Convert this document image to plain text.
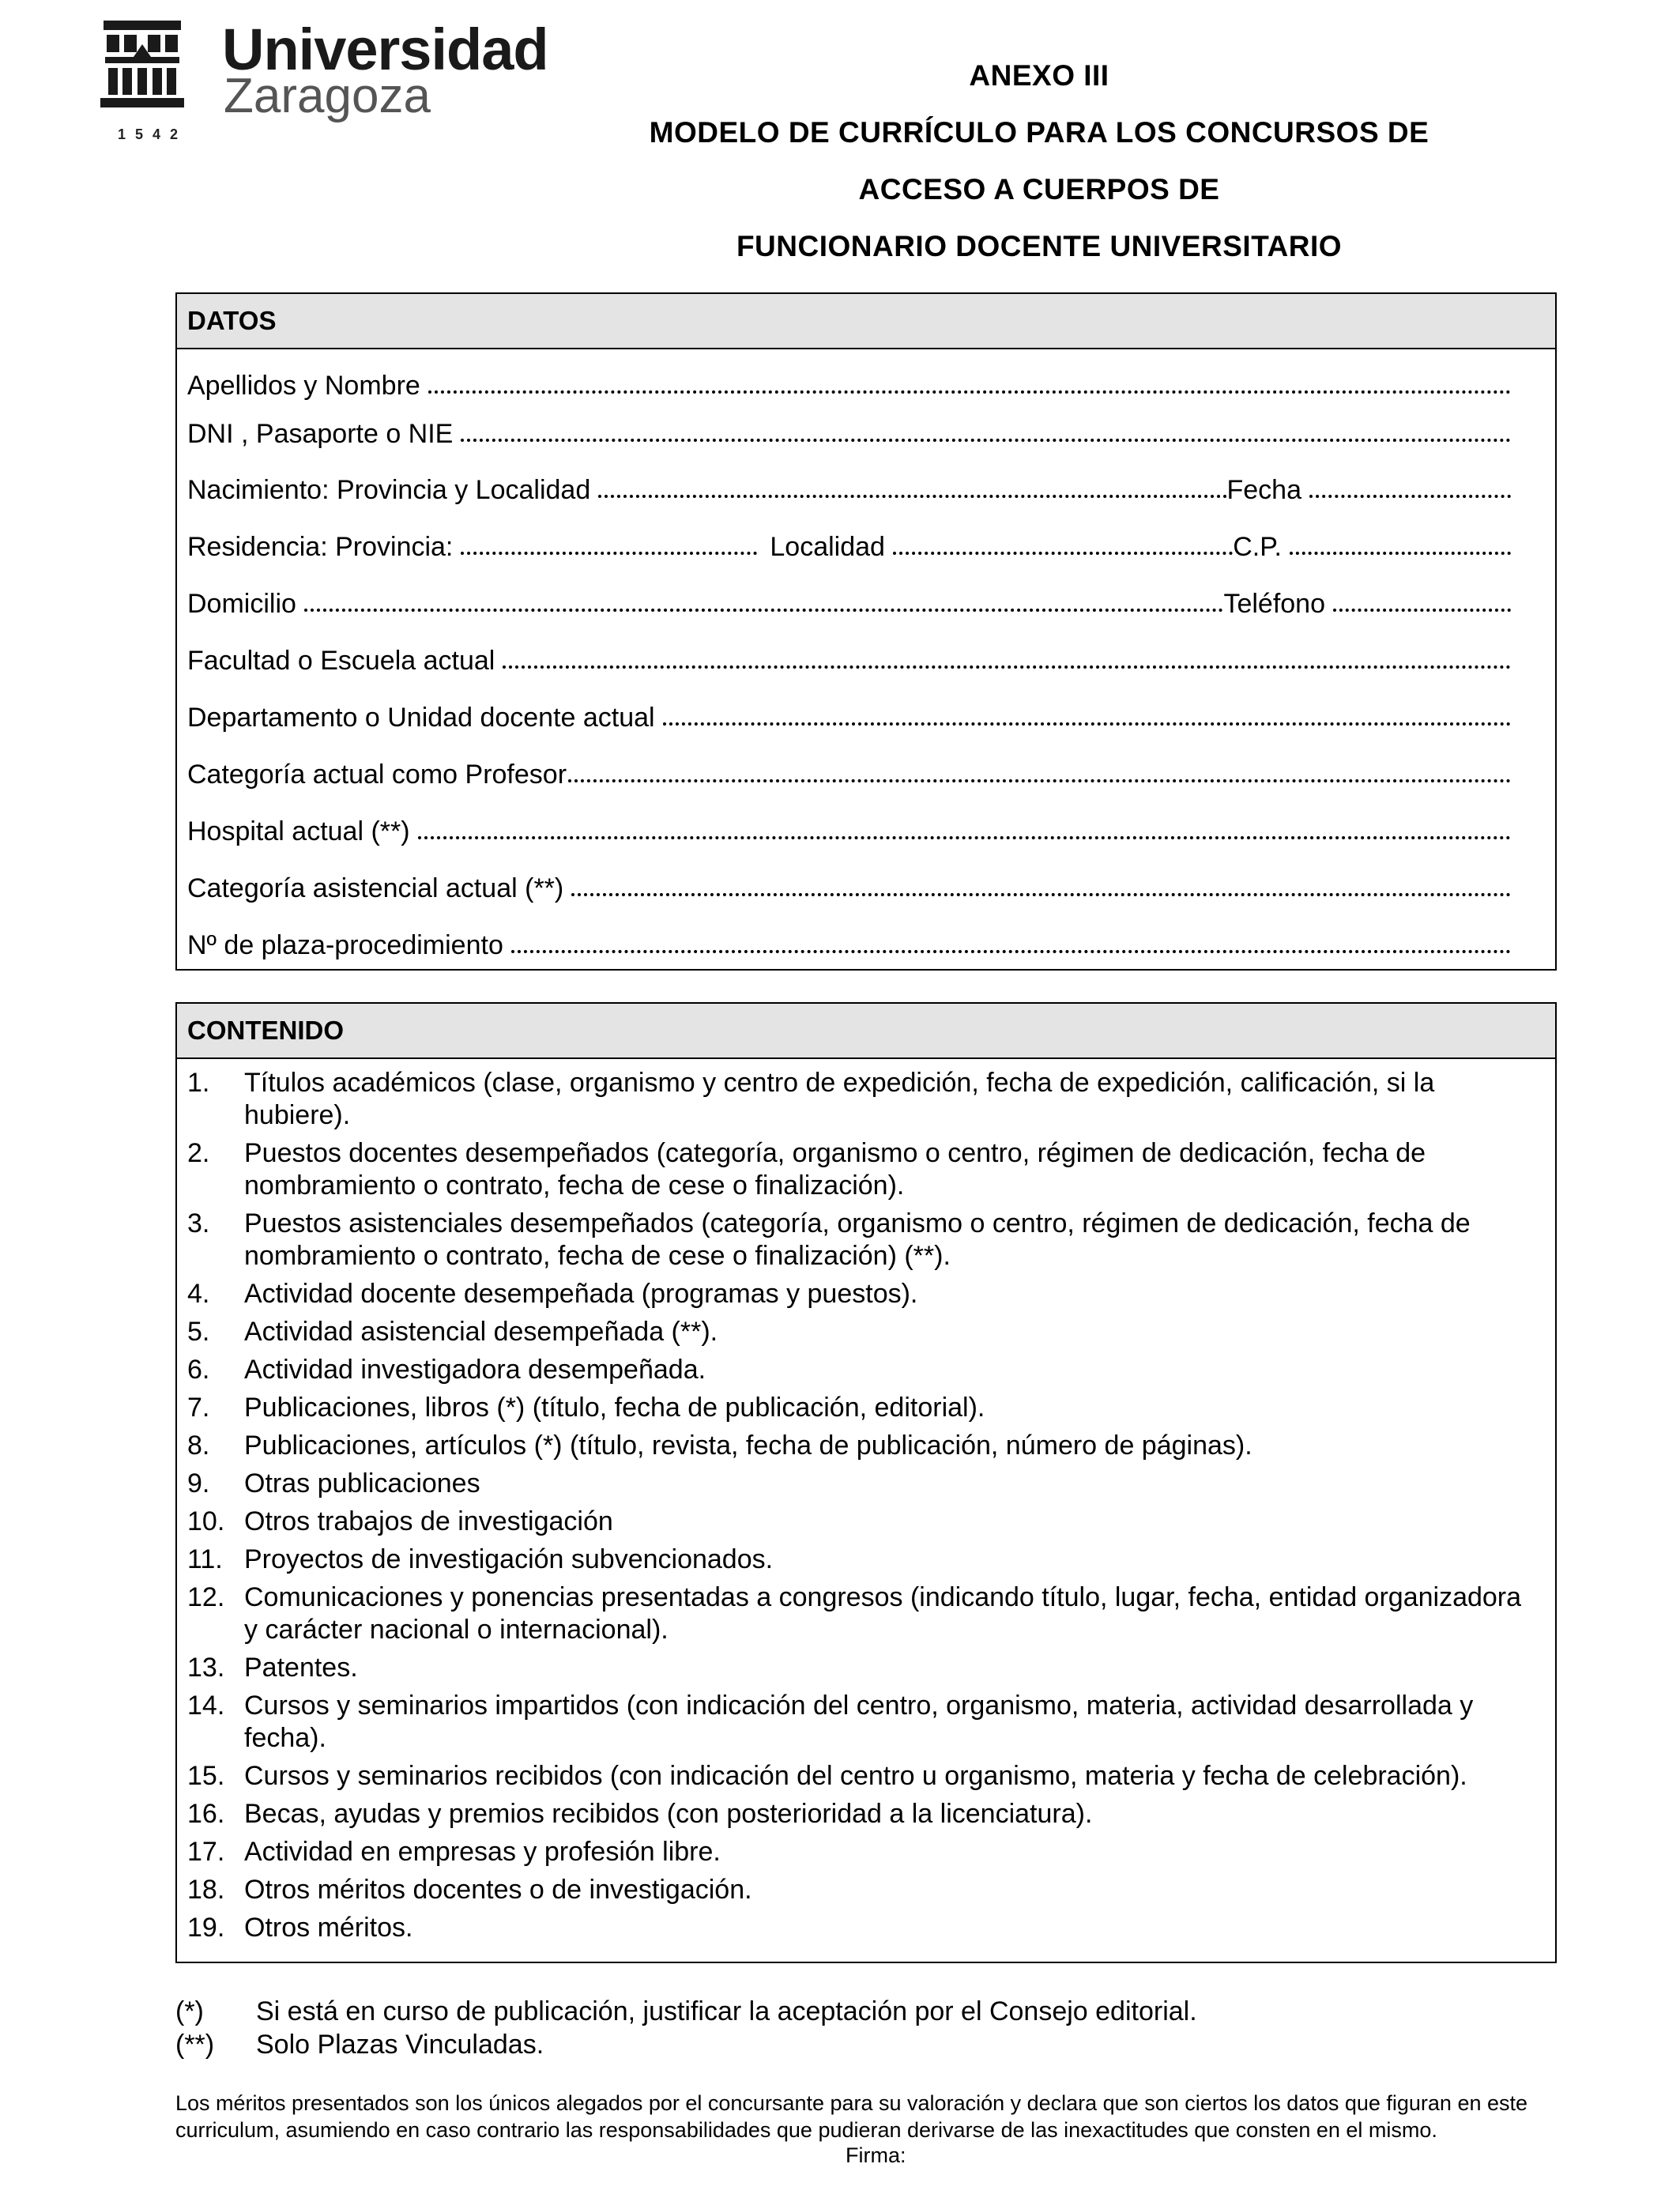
Universidad
Zaragoza
1542
ANEXO III
MODELO DE CURRÍCULO PARA LOS CONCURSOS DE
ACCESO A CUERPOS DE
FUNCIONARIO DOCENTE UNIVERSITARIO
DATOS
Apellidos y Nombre
DNI , Pasaporte o NIE
Nacimiento: Provincia y Localidad	Fecha
Residencia: Provincia:	Localidad	C.P.
Domicilio	Teléfono
Facultad o Escuela actual
Departamento o Unidad docente actual
Categoría actual como Profesor
Hospital actual (**)
Categoría asistencial actual (**)
Nº de plaza-procedimiento
CONTENIDO
1.	Títulos académicos (clase, organismo y centro de expedición, fecha de expedición, calificación, si la hubiere).
2.	Puestos docentes desempeñados (categoría, organismo o centro, régimen de dedicación, fecha de nombramiento o contrato, fecha de cese o finalización).
3.	Puestos asistenciales desempeñados (categoría, organismo o centro, régimen de dedicación, fecha de nombramiento o contrato, fecha de cese o finalización) (**).
4.	Actividad docente desempeñada (programas y puestos).
5.	Actividad asistencial desempeñada (**).
6.	Actividad investigadora desempeñada.
7.	Publicaciones, libros (*) (título, fecha de publicación, editorial).
8.	Publicaciones, artículos (*) (título, revista, fecha de publicación, número de páginas).
9.	Otras publicaciones
10. Otros trabajos de investigación
11. Proyectos de investigación subvencionados.
12. Comunicaciones y ponencias presentadas a congresos (indicando título, lugar, fecha, entidad organizadora y carácter nacional o internacional).
13. Patentes.
14. Cursos y seminarios impartidos (con indicación del centro, organismo, materia, actividad desarrollada y fecha).
15. Cursos y seminarios recibidos (con indicación del centro u organismo, materia y fecha de celebración).
16. Becas, ayudas y premios recibidos (con posterioridad a la licenciatura).
17. Actividad en empresas y profesión libre.
18. Otros méritos docentes o de investigación.
19. Otros méritos.
(*)	Si está en curso de publicación, justificar la aceptación por el Consejo editorial.
(**)	Solo Plazas Vinculadas.
Los méritos presentados son los únicos alegados por el concursante para su valoración y declara que son ciertos los datos que figuran en este curriculum, asumiendo en caso contrario las responsabilidades que pudieran derivarse de las inexactitudes que consten en el mismo.
Firma:
